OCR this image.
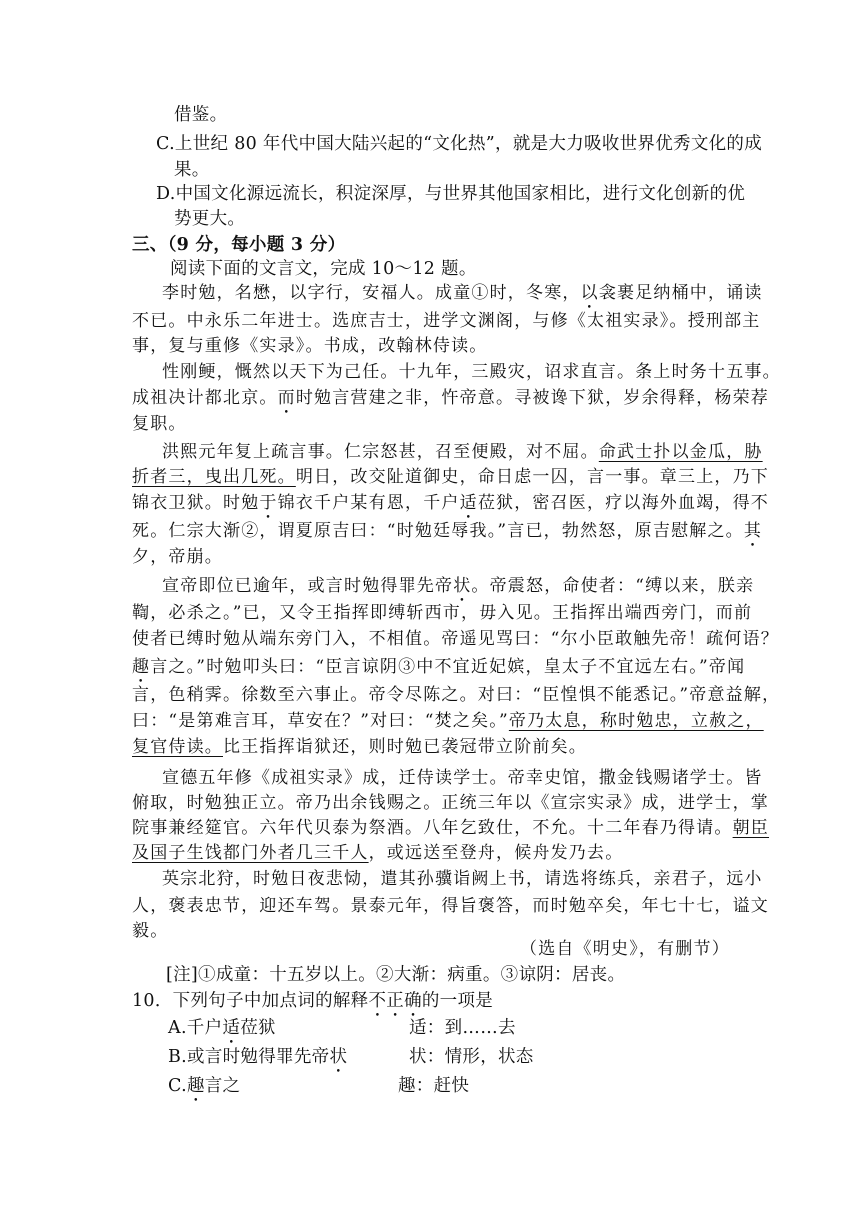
借鉴。
C.上世纪 80 年代中国大陆兴起的“文化热”，就是大力吸收世界优秀文化的成
果。
D.中国文化源远流长，积淀深厚，与世界其他国家相比，进行文化创新的优
势更大。
三、（9 分，每小题 3 分）
阅读下面的文言文，完成 10～12 题。
李时勉，名懋，以字行，安福人。成童①时，冬寒，以衾裹足纳桶中，诵读
不已。中永乐二年进士。选庶吉士，进学文渊阁，与修《太祖实录》。授刑部主
事，复与重修《实录》。书成，改翰林侍读。
性刚鲠，慨然以天下为己任。十九年，三殿灾，诏求直言。条上时务十五事。
成祖决计都北京。而时勉言营建之非，忤帝意。寻被谗下狱，岁余得释，杨荣荐
复职。
洪熙元年复上疏言事。仁宗怒甚，召至便殿，对不屈。命武士扑以金瓜，胁
折者三，曳出几死。明日，改交阯道御史，命日虑一囚，言一事。章三上，乃下
锦衣卫狱。时勉于锦衣千户某有恩，千户适莅狱，密召医，疗以海外血竭，得不
死。仁宗大渐②，谓夏原吉曰：“时勉廷辱我。”言已，勃然怒，原吉慰解之。其
夕，帝崩。
宣帝即位已逾年，或言时勉得罪先帝状。帝震怒，命使者：“缚以来，朕亲
鞫，必杀之。”已，又令王指挥即缚斩西市，毋入见。王指挥出端西旁门，而前
使者已缚时勉从端东旁门入，不相值。帝遥见骂曰：“尔小臣敢触先帝！疏何语？
趣言之。”时勉叩头曰：“臣言谅阴③中不宜近妃嫔，皇太子不宜远左右。”帝闻
言，色稍霁。徐数至六事止。帝令尽陈之。对曰：“臣惶惧不能悉记。”帝意益解，
曰：“是第难言耳，草安在？”对曰：“焚之矣。”帝乃太息，称时勉忠，立赦之，
复官侍读。比王指挥诣狱还，则时勉已袭冠带立阶前矣。
宣德五年修《成祖实录》成，迁侍读学士。帝幸史馆，撒金钱赐诸学士。皆
俯取，时勉独正立。帝乃出余钱赐之。正统三年以《宣宗实录》成，进学士，掌
院事兼经筵官。六年代贝泰为祭酒。八年乞致仕，不允。十二年春乃得请。朝臣
及国子生饯都门外者几三千人，或远送至登舟，候舟发乃去。
英宗北狩，时勉日夜悲恸，遣其孙骥诣阙上书，请选将练兵，亲君子，远小
人，褒表忠节，迎还车驾。景泰元年，得旨褒答，而时勉卒矣，年七十七，谥文
毅。
（选自《明史》，有删节）
[注]①成童：十五岁以上。②大渐：病重。③谅阴：居丧。
10．下列句子中加点词的解释不正确的一项是
A.千户适莅狱	适：到……去
B.或言时勉得罪先帝状	状：情形，状态
C.趣言之	趣：赶快
